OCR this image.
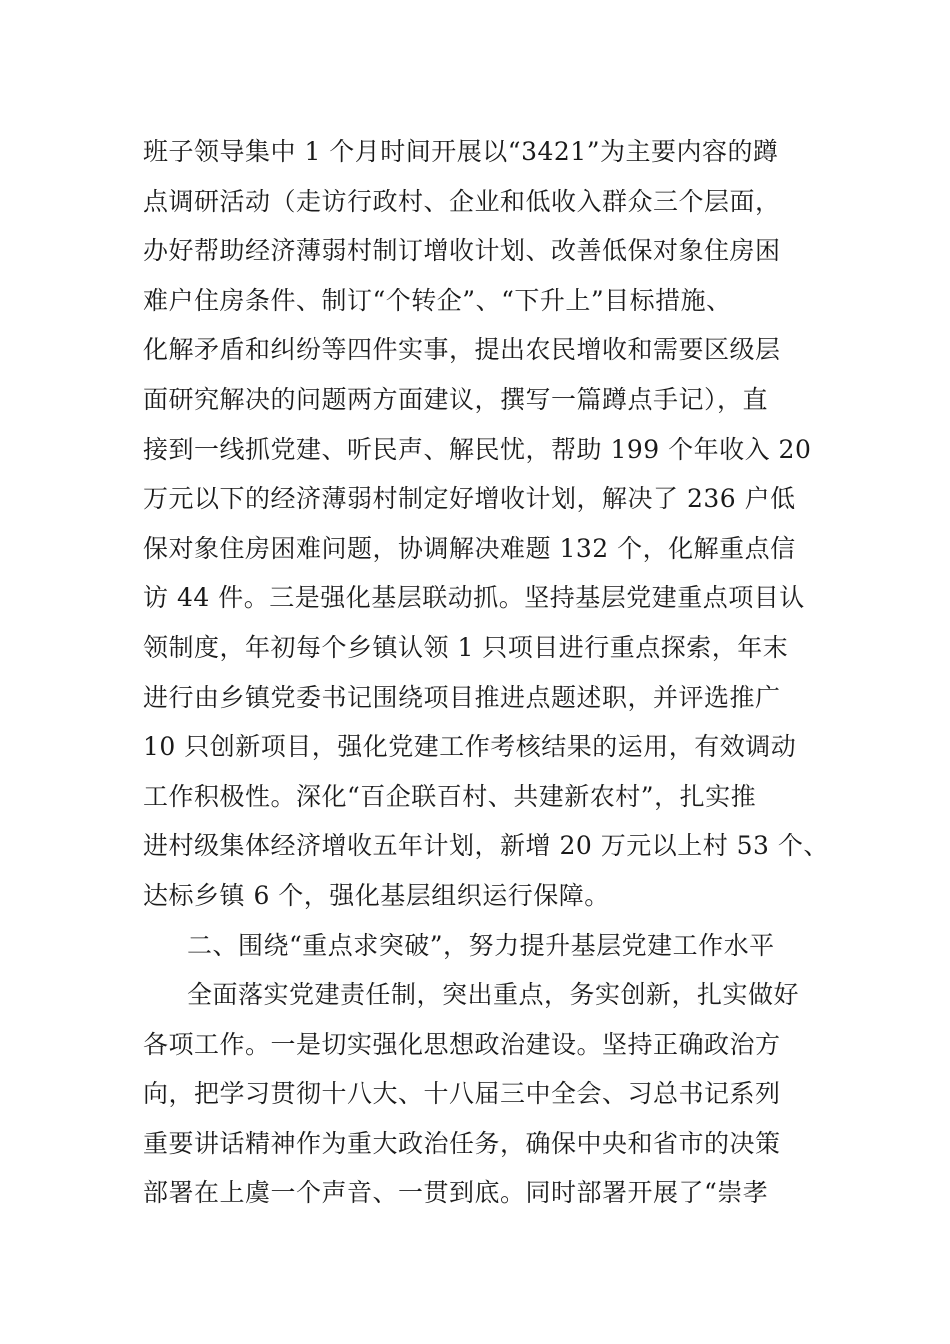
班子领导集中 1 个月时间开展以“3421”为主要内容的蹲
点调研活动（走访行政村、企业和低收入群众三个层面，
办好帮助经济薄弱村制订增收计划、改善低保对象住房困
难户住房条件、制订“个转企”、“下升上”目标措施、
化解矛盾和纠纷等四件实事，提出农民增收和需要区级层
面研究解决的问题两方面建议，撰写一篇蹲点手记），直
接到一线抓党建、听民声、解民忧，帮助 199 个年收入 20
万元以下的经济薄弱村制定好增收计划，解决了 236 户低
保对象住房困难问题，协调解决难题 132 个，化解重点信
访 44 件。三是强化基层联动抓。坚持基层党建重点项目认
领制度，年初每个乡镇认领 1 只项目进行重点探索，年末
进行由乡镇党委书记围绕项目推进点题述职，并评选推广
10 只创新项目，强化党建工作考核结果的运用，有效调动
工作积极性。深化“百企联百村、共建新农村”，扎实推
进村级集体经济增收五年计划，新增 20 万元以上村 53 个、
达标乡镇 6 个，强化基层组织运行保障。
二、围绕“重点求突破”，努力提升基层党建工作水平
全面落实党建责任制，突出重点，务实创新，扎实做好
各项工作。一是切实强化思想政治建设。坚持正确政治方
向，把学习贯彻十八大、十八届三中全会、习总书记系列
重要讲话精神作为重大政治任务，确保中央和省市的决策
部署在上虞一个声音、一贯到底。同时部署开展了“崇孝
